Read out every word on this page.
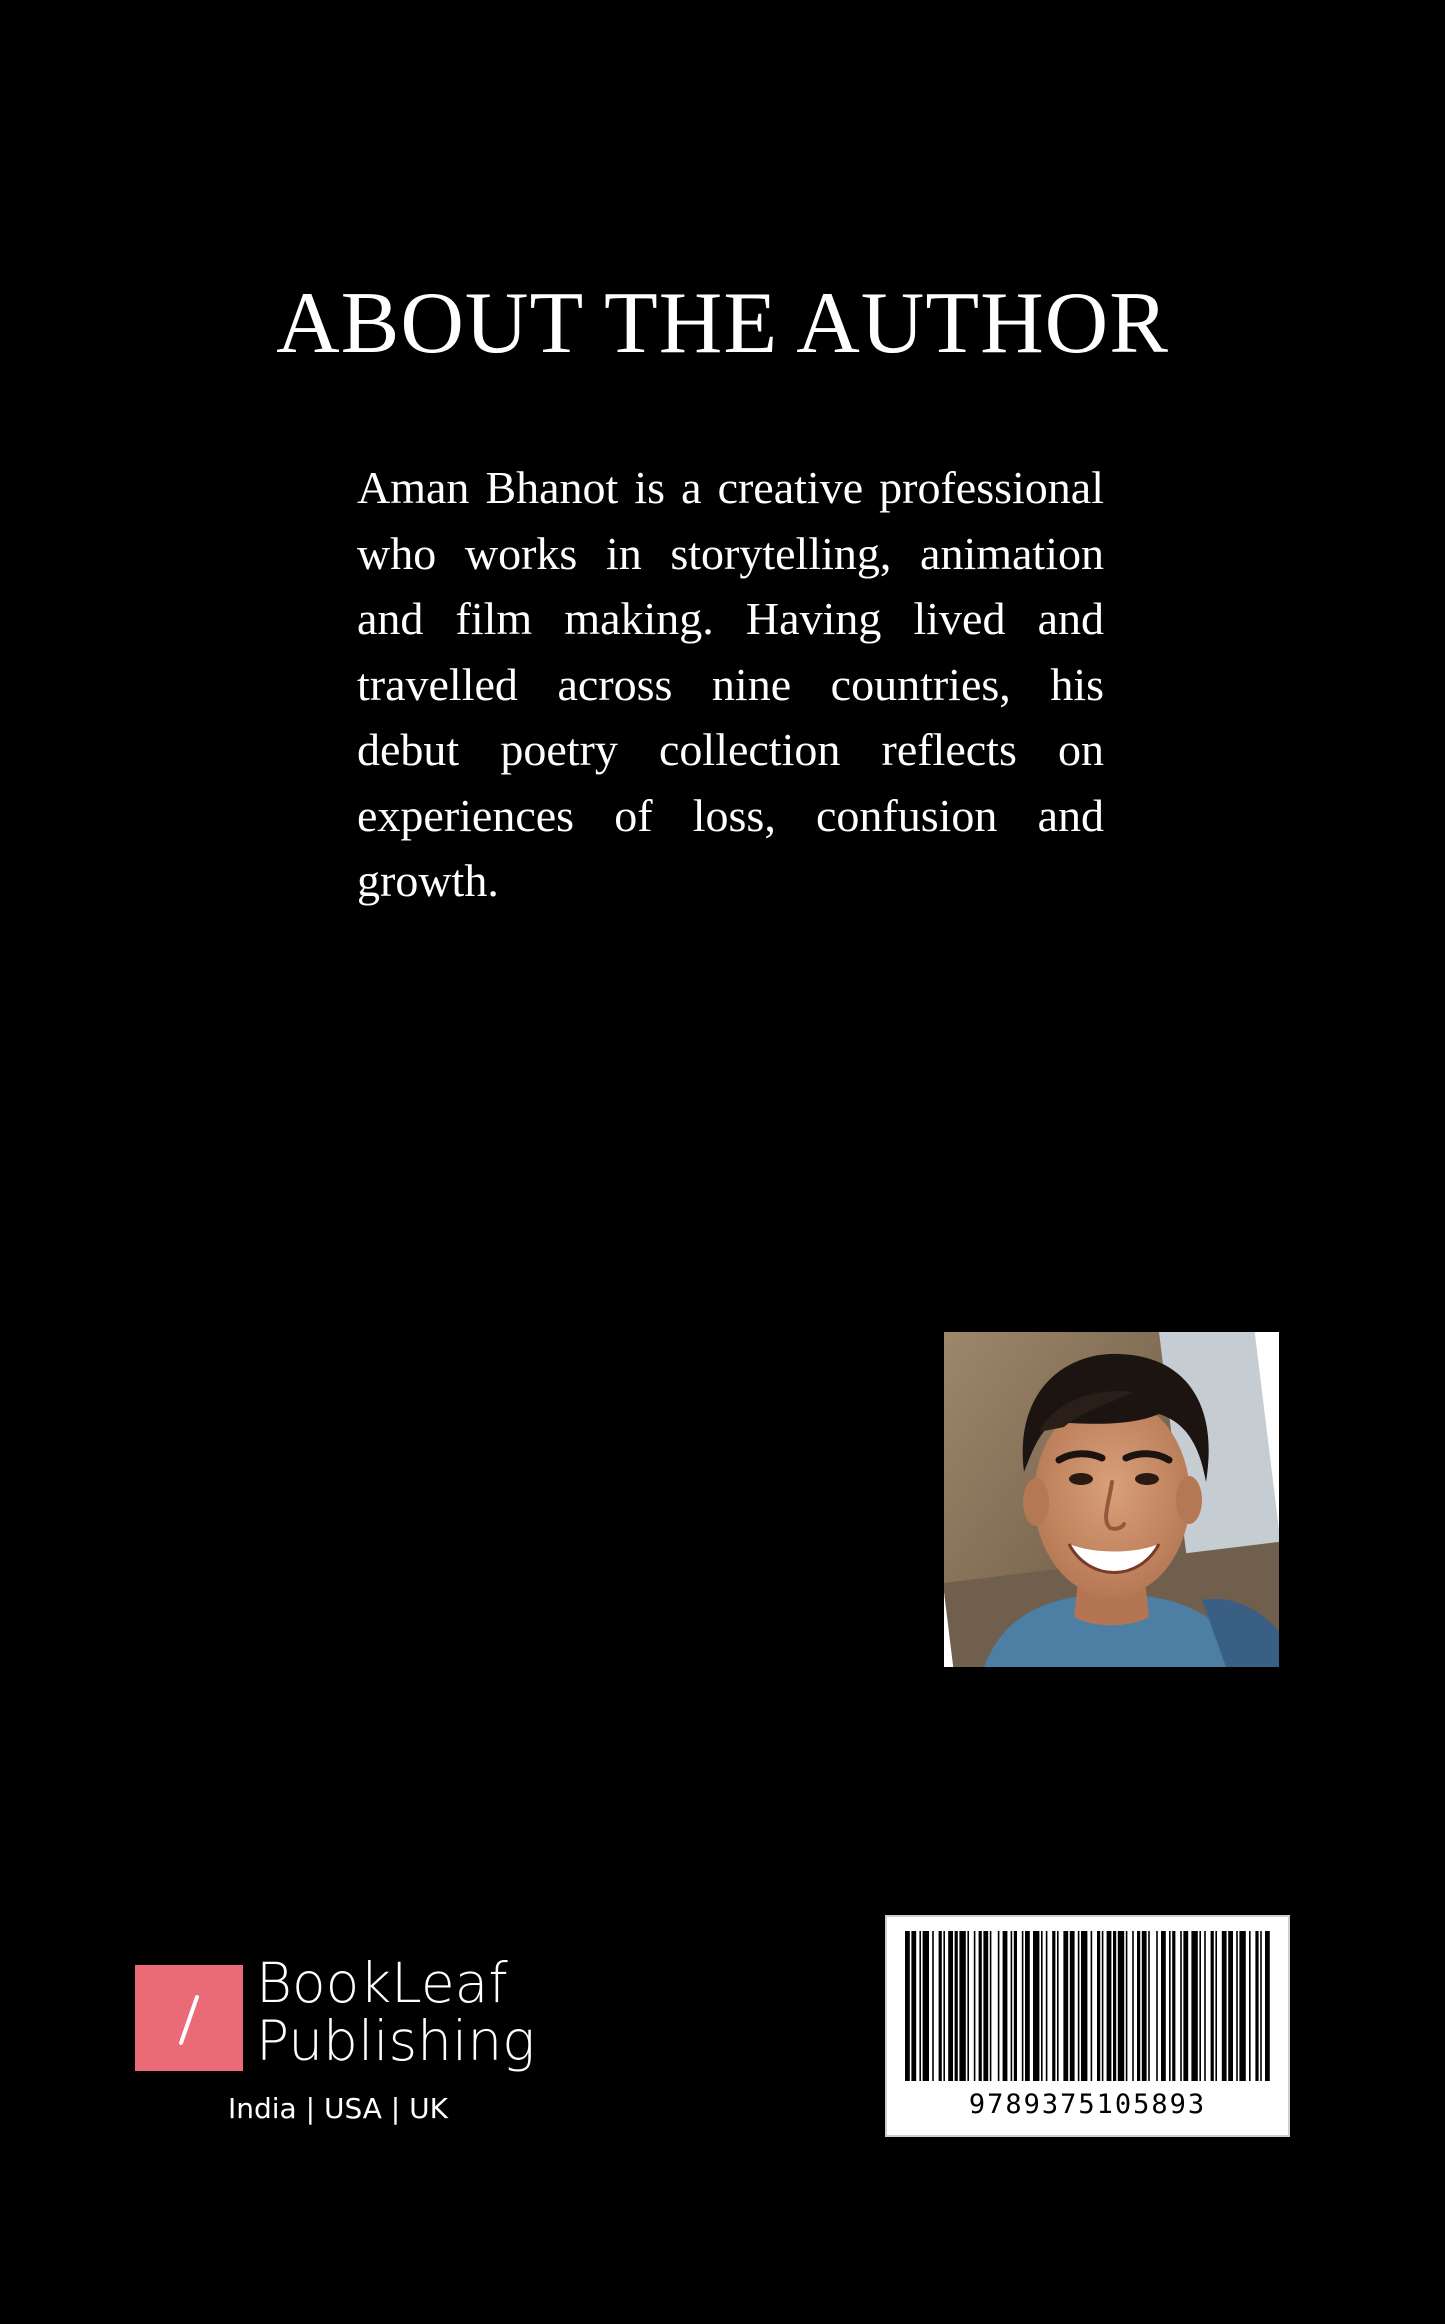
ABOUT THE AUTHOR

Aman Bhanot is a creative professional who works in storytelling, animation and film making. Having lived and travelled across nine countries, his debut poetry collection reflects on experiences of loss, confusion and growth.

BookLeaf
Publishing
India | USA | UK	9789375105893
